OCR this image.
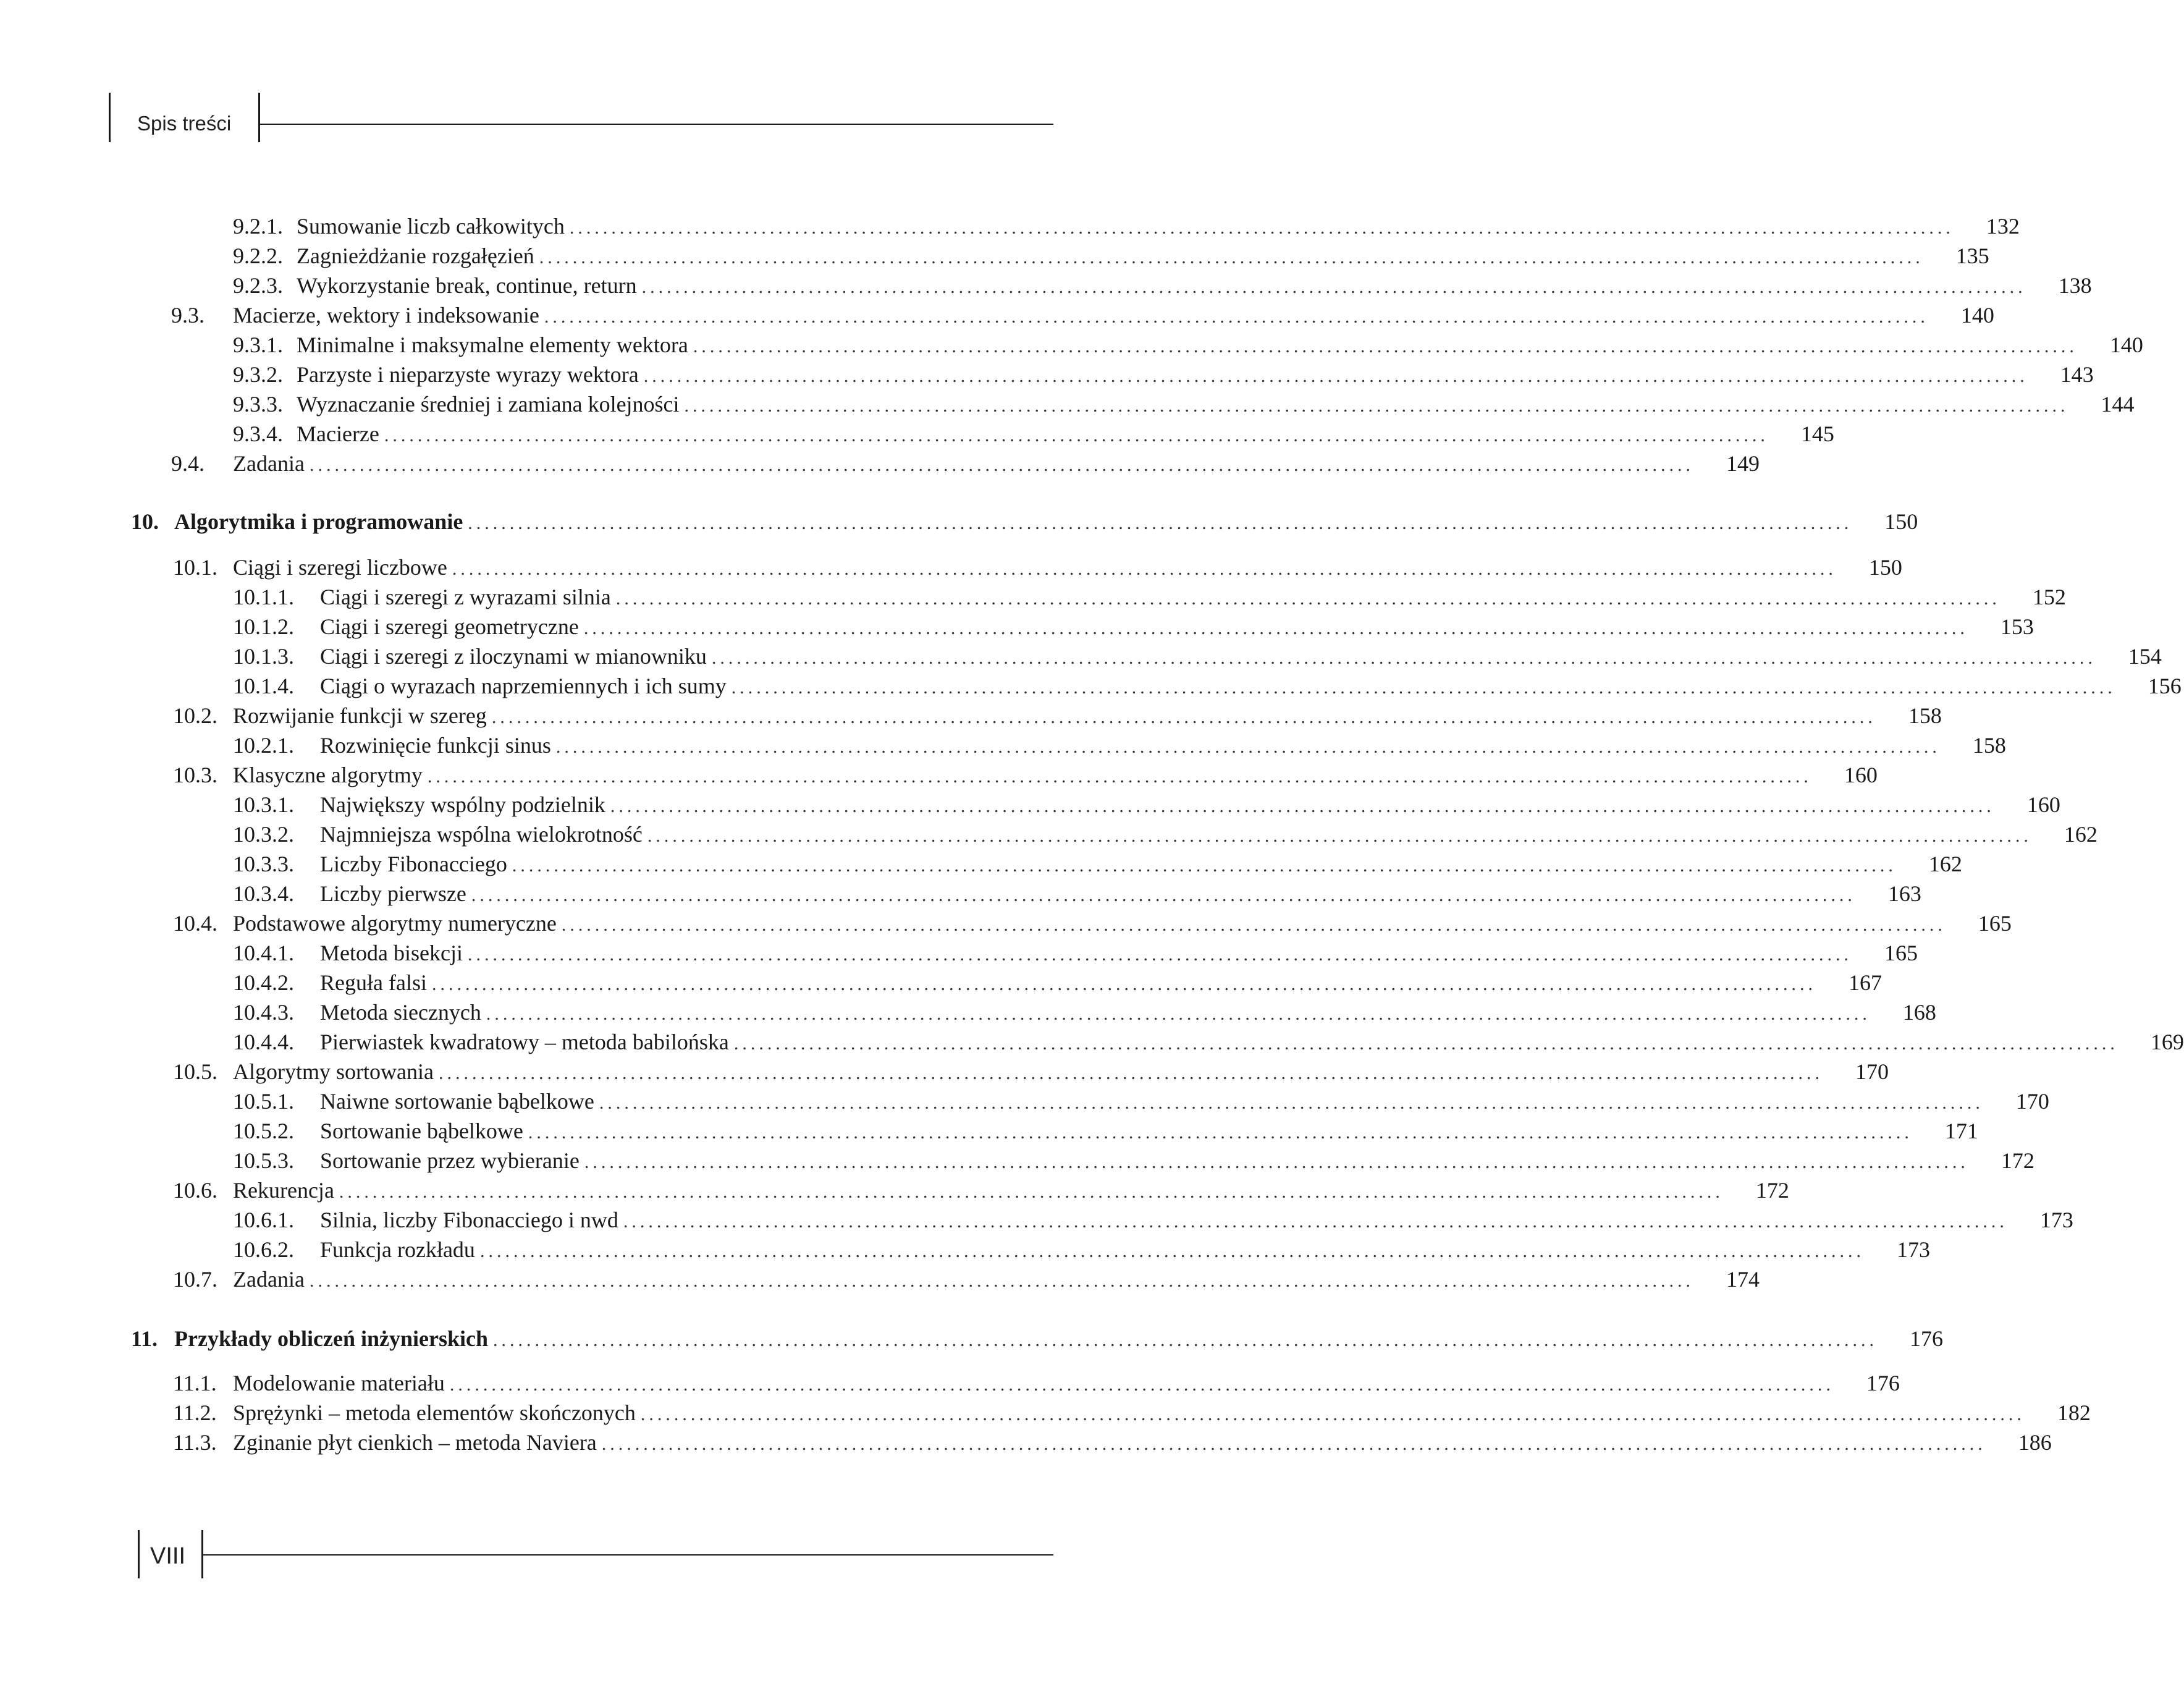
Spis treści
9.2.1. Sumowanie liczb całkowitych ......................................................................................................................................................................	132
9.2.2. Zagnieżdżanie rozgałęzień ......................................................................................................................................................................	135
9.2.3. Wykorzystanie break, continue, return ......................................................................................................................................................................	138
9.3. Macierze, wektory i indeksowanie ......................................................................................................................................................................	140
9.3.1. Minimalne i maksymalne elementy wektora ......................................................................................................................................................................	140
9.3.2. Parzyste i nieparzyste wyrazy wektora ......................................................................................................................................................................	143
9.3.3. Wyznaczanie średniej i zamiana kolejności ......................................................................................................................................................................	144
9.3.4. Macierze ......................................................................................................................................................................	145
9.4. Zadania ......................................................................................................................................................................	149
10. Algorytmika i programowanie ......................................................................................................................................................................	150
10.1. Ciągi i szeregi liczbowe ......................................................................................................................................................................	150
10.1.1. Ciągi i szeregi z wyrazami silnia ......................................................................................................................................................................	152
10.1.2. Ciągi i szeregi geometryczne ......................................................................................................................................................................	153
10.1.3. Ciągi i szeregi z iloczynami w mianowniku ......................................................................................................................................................................	154
10.1.4. Ciągi o wyrazach naprzemiennych i ich sumy ......................................................................................................................................................................	156
10.2. Rozwijanie funkcji w szereg ......................................................................................................................................................................	158
10.2.1. Rozwinięcie funkcji sinus ......................................................................................................................................................................	158
10.3. Klasyczne algorytmy ......................................................................................................................................................................	160
10.3.1. Największy wspólny podzielnik ......................................................................................................................................................................	160
10.3.2. Najmniejsza wspólna wielokrotność ......................................................................................................................................................................	162
10.3.3. Liczby Fibonacciego ......................................................................................................................................................................	162
10.3.4. Liczby pierwsze ......................................................................................................................................................................	163
10.4. Podstawowe algorytmy numeryczne ......................................................................................................................................................................	165
10.4.1. Metoda bisekcji ......................................................................................................................................................................	165
10.4.2. Reguła falsi ......................................................................................................................................................................	167
10.4.3. Metoda siecznych ......................................................................................................................................................................	168
10.4.4. Pierwiastek kwadratowy – metoda babilońska ......................................................................................................................................................................	169
10.5. Algorytmy sortowania ......................................................................................................................................................................	170
10.5.1. Naiwne sortowanie bąbelkowe ......................................................................................................................................................................	170
10.5.2. Sortowanie bąbelkowe ......................................................................................................................................................................	171
10.5.3. Sortowanie przez wybieranie ......................................................................................................................................................................	172
10.6. Rekurencja ......................................................................................................................................................................	172
10.6.1. Silnia, liczby Fibonacciego i nwd ......................................................................................................................................................................	173
10.6.2. Funkcja rozkładu ......................................................................................................................................................................	173
10.7. Zadania ......................................................................................................................................................................	174
11. Przykłady obliczeń inżynierskich ......................................................................................................................................................................	176
11.1. Modelowanie materiału ......................................................................................................................................................................	176
11.2. Sprężynki – metoda elementów skończonych ......................................................................................................................................................................	182
11.3. Zginanie płyt cienkich – metoda Naviera ......................................................................................................................................................................	186
VIII
